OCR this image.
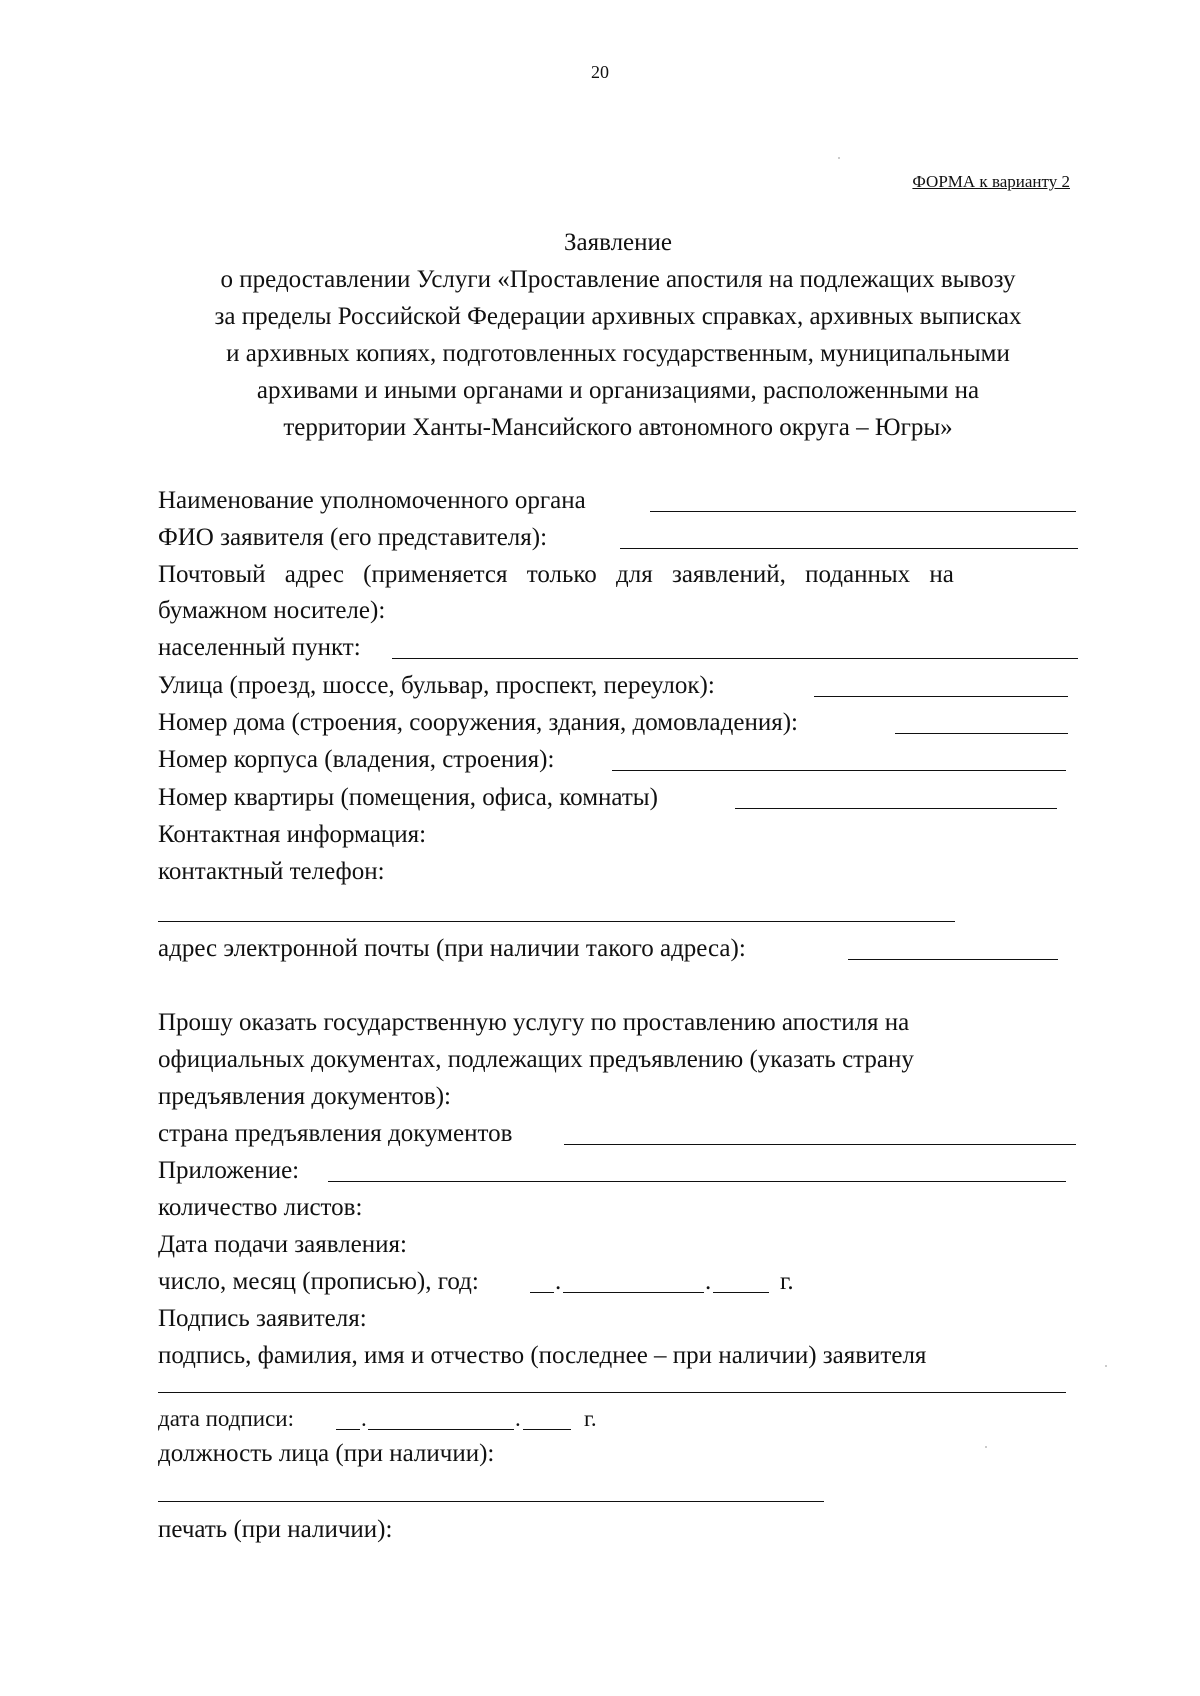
20
ФОРМА к варианту 2
Заявление
о предоставлении Услуги «Проставление апостиля на подлежащих вывозу
за пределы Российской Федерации архивных справках, архивных выписках
и архивных копиях, подготовленных государственным, муниципальными
архивами и иными органами и организациями, расположенными на
территории Ханты-Мансийского автономного округа – Югры»
Наименование уполномоченного органа
ФИО заявителя (его представителя):
Почтовый адрес (применяется только для заявлений, поданных на
бумажном носителе):
населенный пункт:
Улица (проезд, шоссе, бульвар, проспект, переулок):
Номер дома (строения, сооружения, здания, домовладения):
Номер корпуса (владения, строения):
Номер квартиры (помещения, офиса, комнаты)
Контактная информация:
контактный телефон:
адрес электронной почты (при наличии такого адреса):
Прошу оказать государственную услугу по проставлению апостиля на
официальных документах, подлежащих предъявлению (указать страну
предъявления документов):
страна предъявления документов
Приложение:
количество листов:
Дата подачи заявления:
число, месяц (прописью), год:	.	.	г.
Подпись заявителя:
подпись, фамилия, имя и отчество (последнее – при наличии) заявителя
дата подписи:	.	.	г.
должность лица (при наличии):
печать (при наличии):
